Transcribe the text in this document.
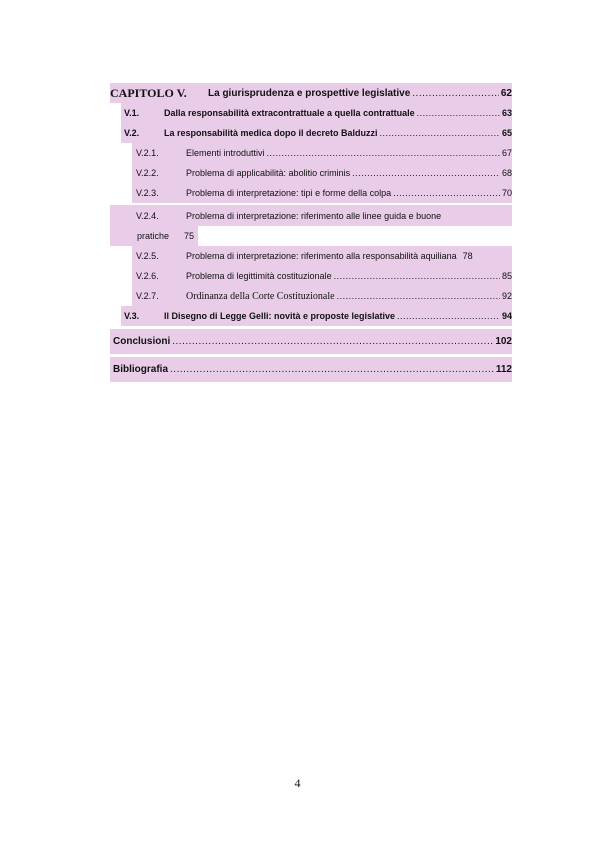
CAPITOLO V.	La giurisprudenza e prospettive legislative .....	62
V.1.	Dalla responsabilità extracontrattuale a quella contrattuale .....	63
V.2.	La responsabilità medica dopo il decreto Balduzzi .....	65
V.2.1.	Elementi introduttivi .....	67
V.2.2.	Problema di applicabilità: abolitio criminis .....	68
V.2.3.	Problema di interpretazione: tipi e forme della colpa .....	70
V.2.4.	Problema di interpretazione: riferimento alle linee guida e buone
pratiche	75
V.2.5.	Problema di interpretazione: riferimento alla responsabilità aquiliana 78
V.2.6.	Problema di legittimità costituzionale .....	85
V.2.7.	Ordinanza della Corte Costituzionale .....	92
V.3.	Il Disegno di Legge Gelli: novità e proposte legislative .....	94
Conclusioni .....	102
Bibliografia .....	112
4
